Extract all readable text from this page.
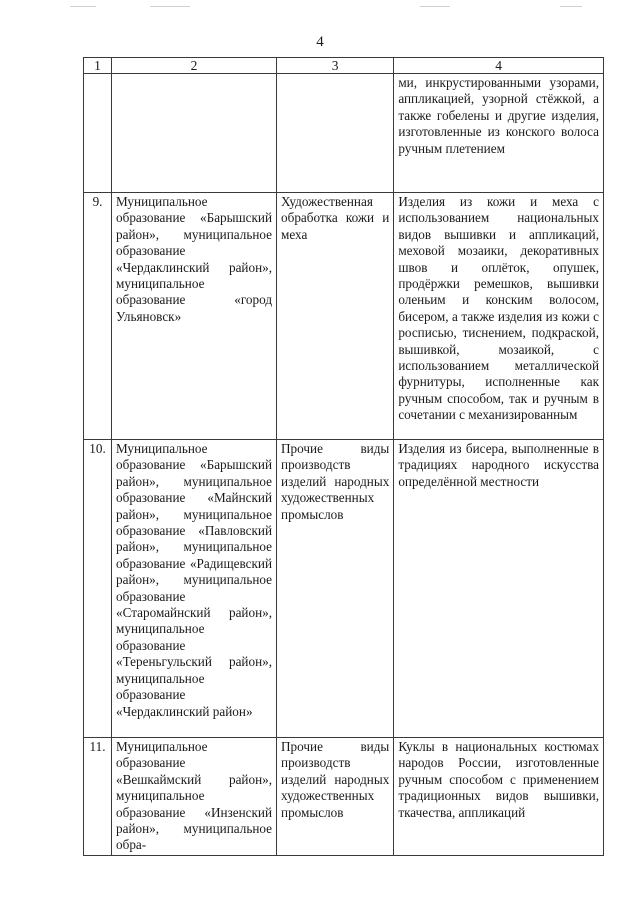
4
1	2	3	4
			ми, инкрустированными узорами, аппликацией, узорной стёжкой, а также гобелены и другие изделия, изготовленные из конского волоса ручным плетением
9.	Муниципальное образование «Барышский район», муниципальное образование «Чердаклинский район», муниципальное образование «город Ульяновск»	Художественная обработка кожи и меха	Изделия из кожи и меха с использованием национальных видов вышивки и аппликаций, меховой мозаики, декоративных швов и оплёток, опушек, продёржки ремешков, вышивки оленьим и конским волосом, бисером, а также изделия из кожи с росписью, тиснением, подкраской, вышивкой, мозаикой, с использованием металлической фурнитуры, исполненные как ручным способом, так и ручным в сочетании с механизированным
10.	Муниципальное образование «Барышский район», муниципальное образование «Майнский район», муниципальное образование «Павловский район», муниципальное образование «Радищевский район», муниципальное образование «Старомайнский район», муниципальное образование «Тереньгульский район», муниципальное образование «Чердаклинский район»	Прочие виды производств изделий народных художественных промыслов	Изделия из бисера, выполненные в традициях народного искусства определённой местности
11.	Муниципальное образование «Вешкаймский район», муниципальное образование «Инзенский район», муниципальное обра-	Прочие виды производств изделий народных художественных промыслов	Куклы в национальных костюмах народов России, изготовленные ручным способом с применением традиционных видов вышивки, ткачества, аппликаций
